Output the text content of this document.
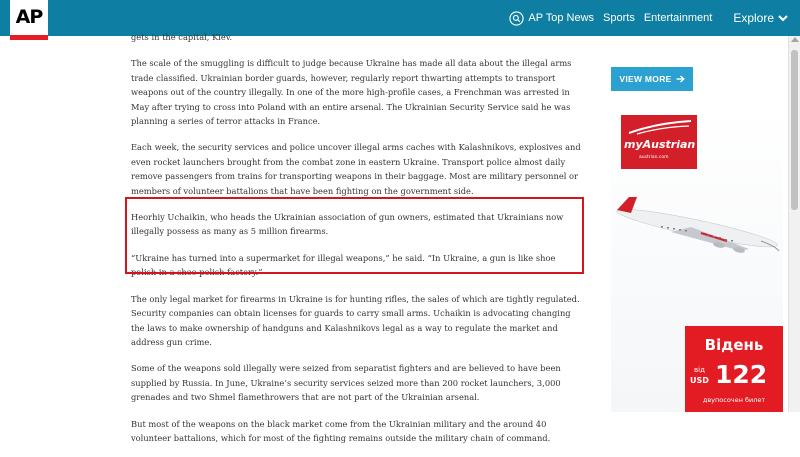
AP Top News Sports Entertainment Explore
AP

gets in the capital, Kiev.

The scale of the smuggling is difficult to judge because Ukraine has made all data about the illegal arms trade classified. Ukrainian border guards, however, regularly report thwarting attempts to transport weapons out of the country illegally. In one of the more high-profile cases, a Frenchman was arrested in May after trying to cross into Poland with an entire arsenal. The Ukrainian Security Service said he was planning a series of terror attacks in France.

Each week, the security services and police uncover illegal arms caches with Kalashnikovs, explosives and even rocket launchers brought from the combat zone in eastern Ukraine. Transport police almost daily remove passengers from trains for transporting weapons in their baggage. Most are military personnel or members of volunteer battalions that have been fighting on the government side.

Heorhiy Uchaikin, who heads the Ukrainian association of gun owners, estimated that Ukrainians now illegally possess as many as 5 million firearms.

“Ukraine has turned into a supermarket for illegal weapons,” he said. “In Ukraine, a gun is like shoe polish in a shoe polish factory.”

The only legal market for firearms in Ukraine is for hunting rifles, the sales of which are tightly regulated. Security companies can obtain licenses for guards to carry small arms. Uchaikin is advocating changing the laws to make ownership of handguns and Kalashnikovs legal as a way to regulate the market and address gun crime.

Some of the weapons sold illegally were seized from separatist fighters and are believed to have been supplied by Russia. In June, Ukraine’s security services seized more than 200 rocket launchers, 3,000 grenades and two Shmel flamethrowers that are not part of the Ukrainian arsenal.

But most of the weapons on the black market come from the Ukrainian military and the around 40 volunteer battalions, which for most of the fighting remains outside the military chain of command.

VIEW MORE
myAustrian
austrian.com
Відень
від
USD 122
двупосочен билет
